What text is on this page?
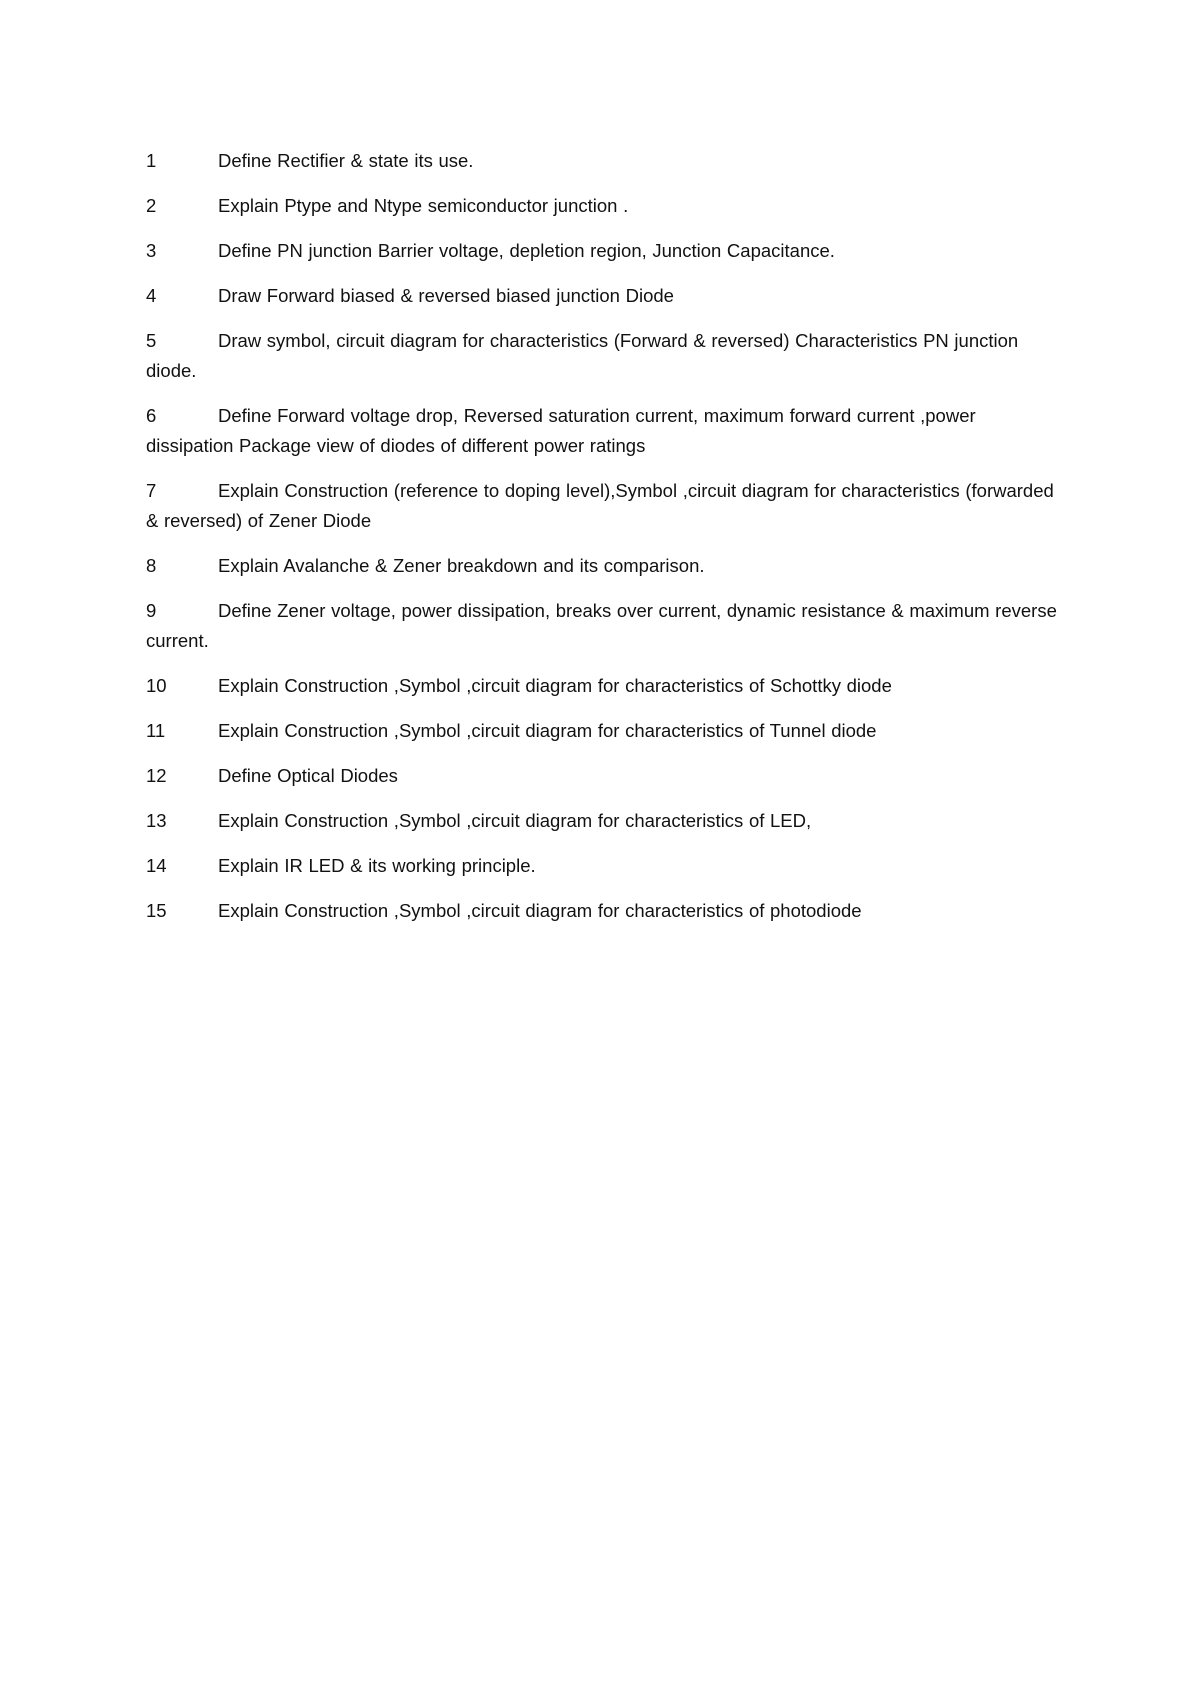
1	Define Rectifier & state its use.
2	Explain Ptype and Ntype semiconductor junction .
3	Define PN junction Barrier voltage, depletion region, Junction Capacitance.
4	Draw Forward biased & reversed biased junction Diode
5	Draw symbol, circuit diagram for characteristics (Forward & reversed) Characteristics PN junction diode.
6	Define Forward voltage drop, Reversed saturation current, maximum forward current ,power dissipation Package view of diodes of different power ratings
7	Explain Construction (reference to doping level),Symbol ,circuit diagram for characteristics (forwarded & reversed) of Zener Diode
8	Explain Avalanche & Zener breakdown and its comparison.
9	Define Zener voltage, power dissipation, breaks over current, dynamic resistance & maximum reverse current.
10	Explain Construction ,Symbol ,circuit diagram for characteristics of Schottky diode
11	Explain Construction ,Symbol ,circuit diagram for characteristics of Tunnel diode
12	Define Optical Diodes
13	Explain Construction ,Symbol ,circuit diagram for characteristics of LED,
14	Explain IR LED & its working principle.
15	Explain Construction ,Symbol ,circuit diagram for characteristics of photodiode
